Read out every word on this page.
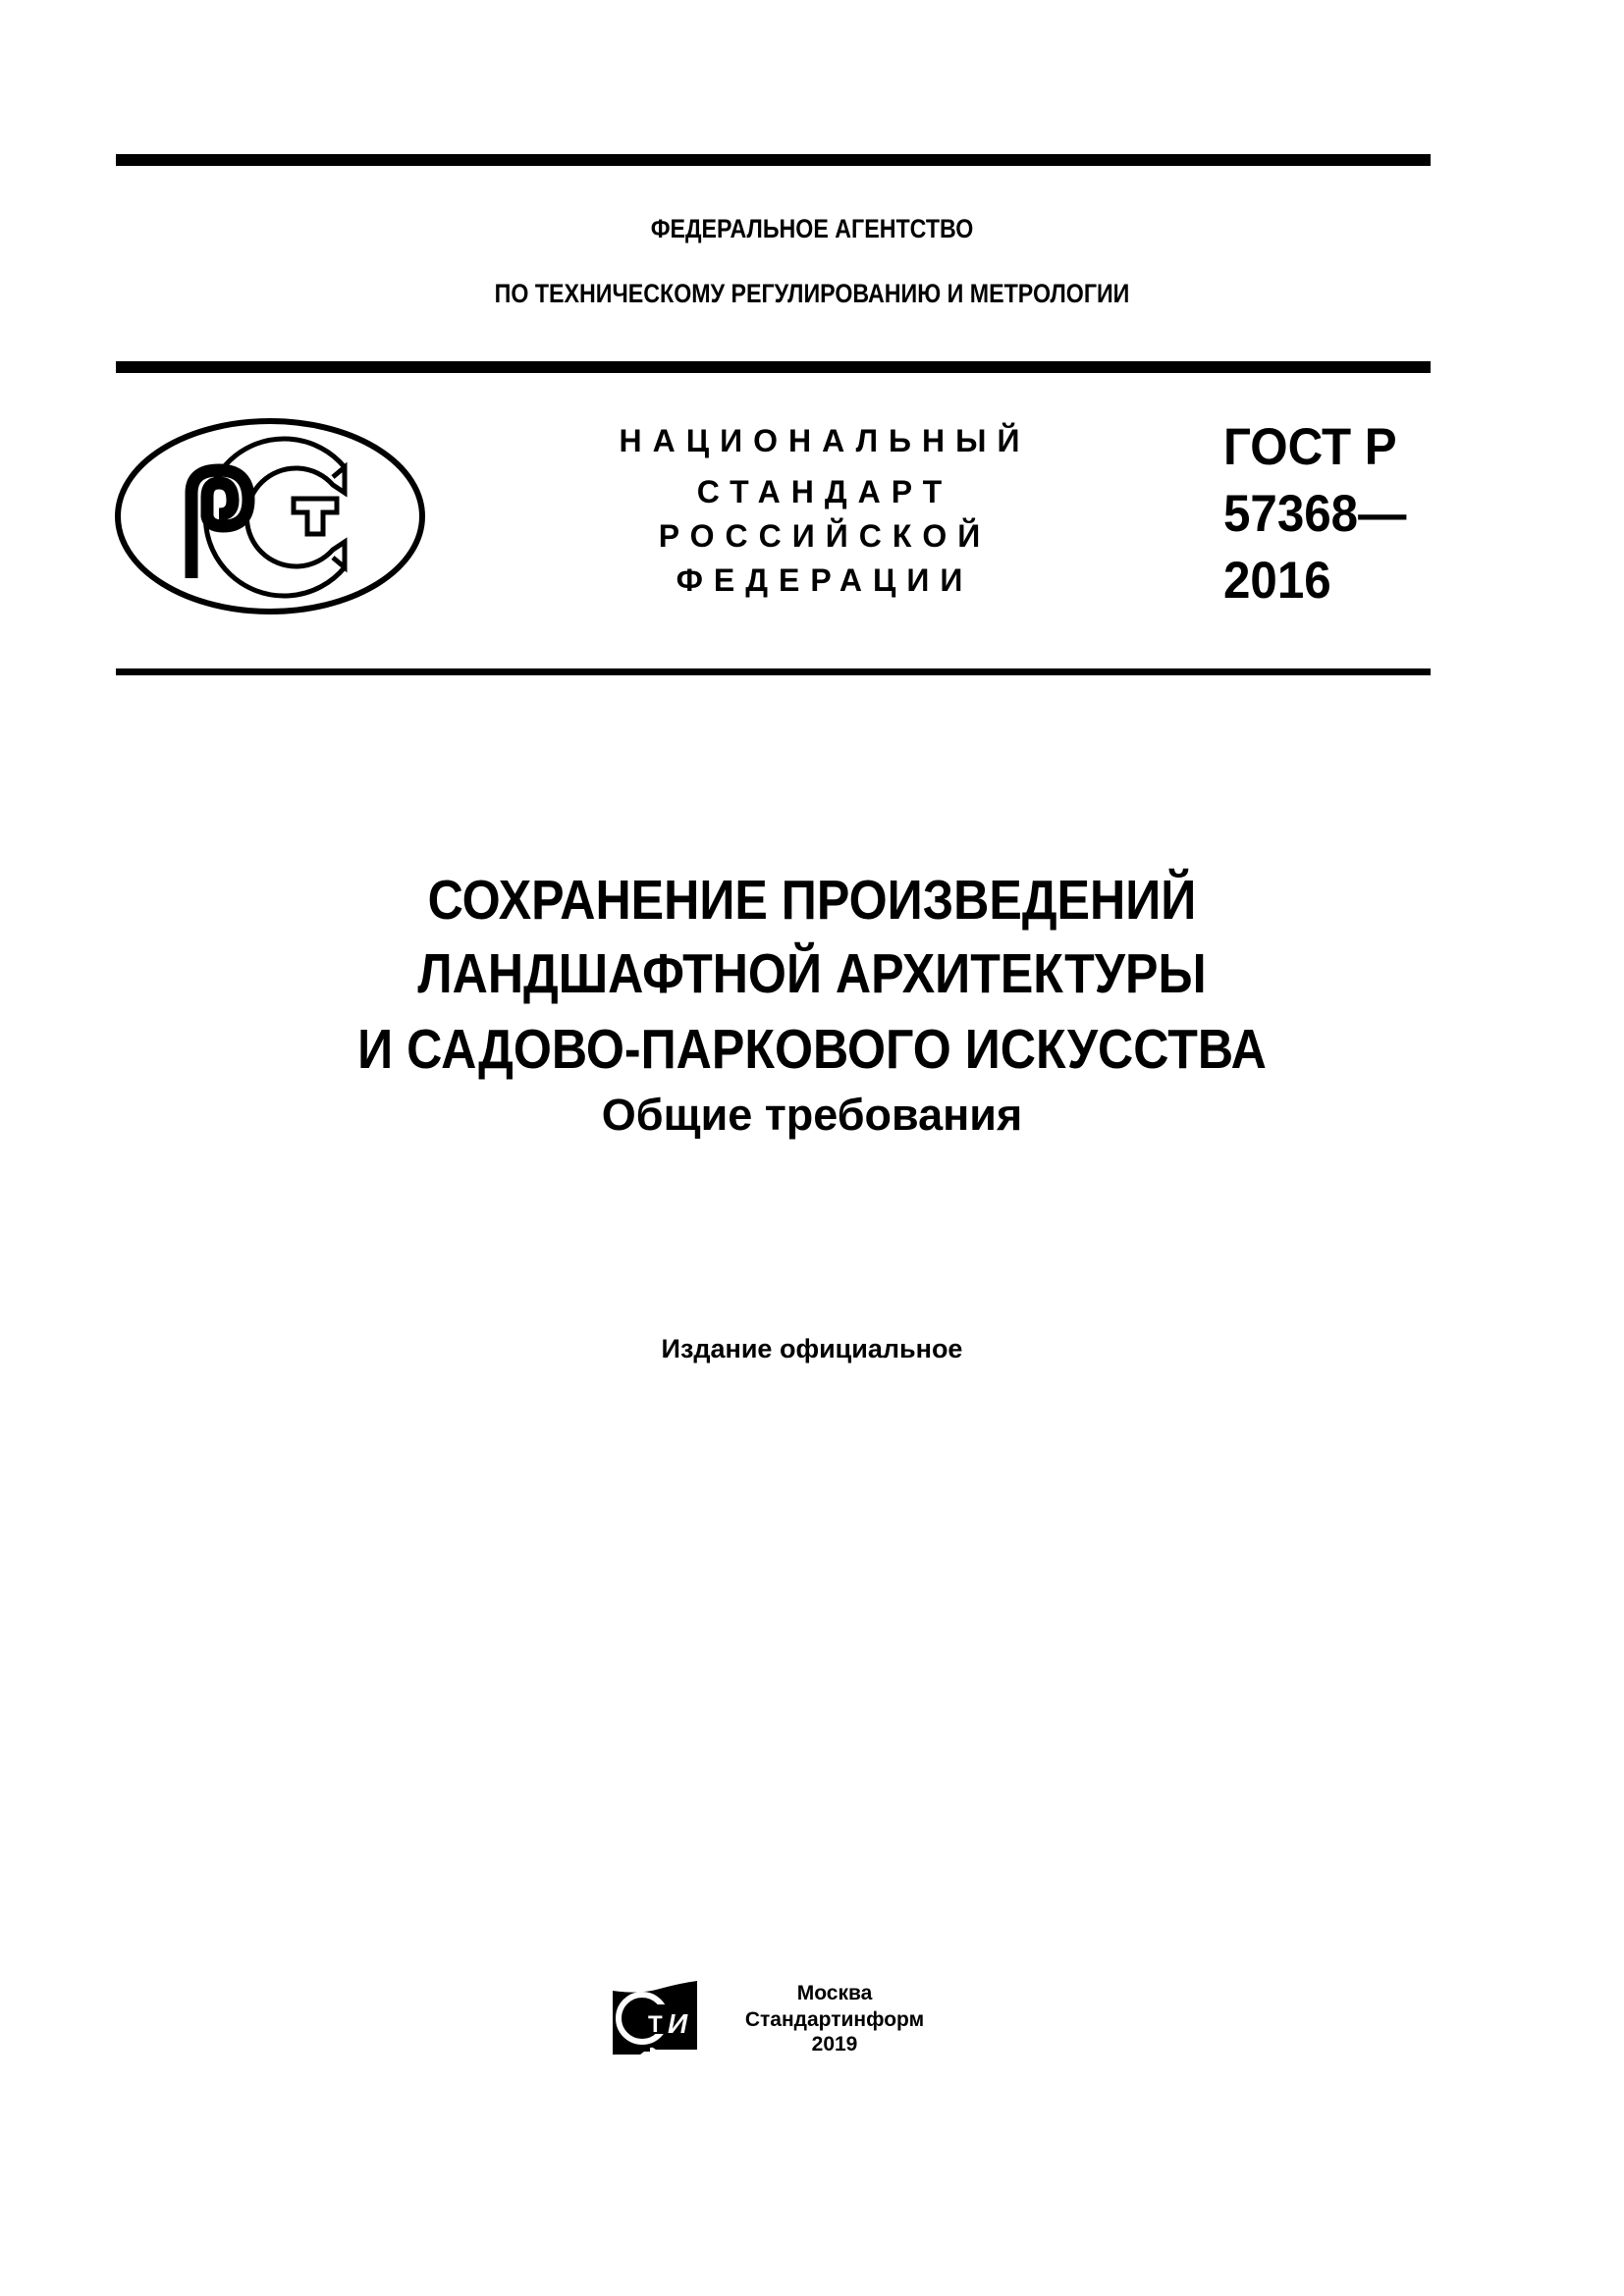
ФЕДЕРАЛЬНОЕ АГЕНТСТВО
ПО ТЕХНИЧЕСКОМУ РЕГУЛИРОВАНИЮ И МЕТРОЛОГИИ
НАЦИОНАЛЬНЫЙ
СТАНДАРТ
РОССИЙСКОЙ
ФЕДЕРАЦИИ
ГОСТ Р
57368—
2016
СОХРАНЕНИЕ ПРОИЗВЕДЕНИЙ
ЛАНДШАФТНОЙ АРХИТЕКТУРЫ
И САДОВО-ПАРКОВОГО ИСКУССТВА
Общие требования
Издание официальное
Т И
Москва
Стандартинформ
2019
